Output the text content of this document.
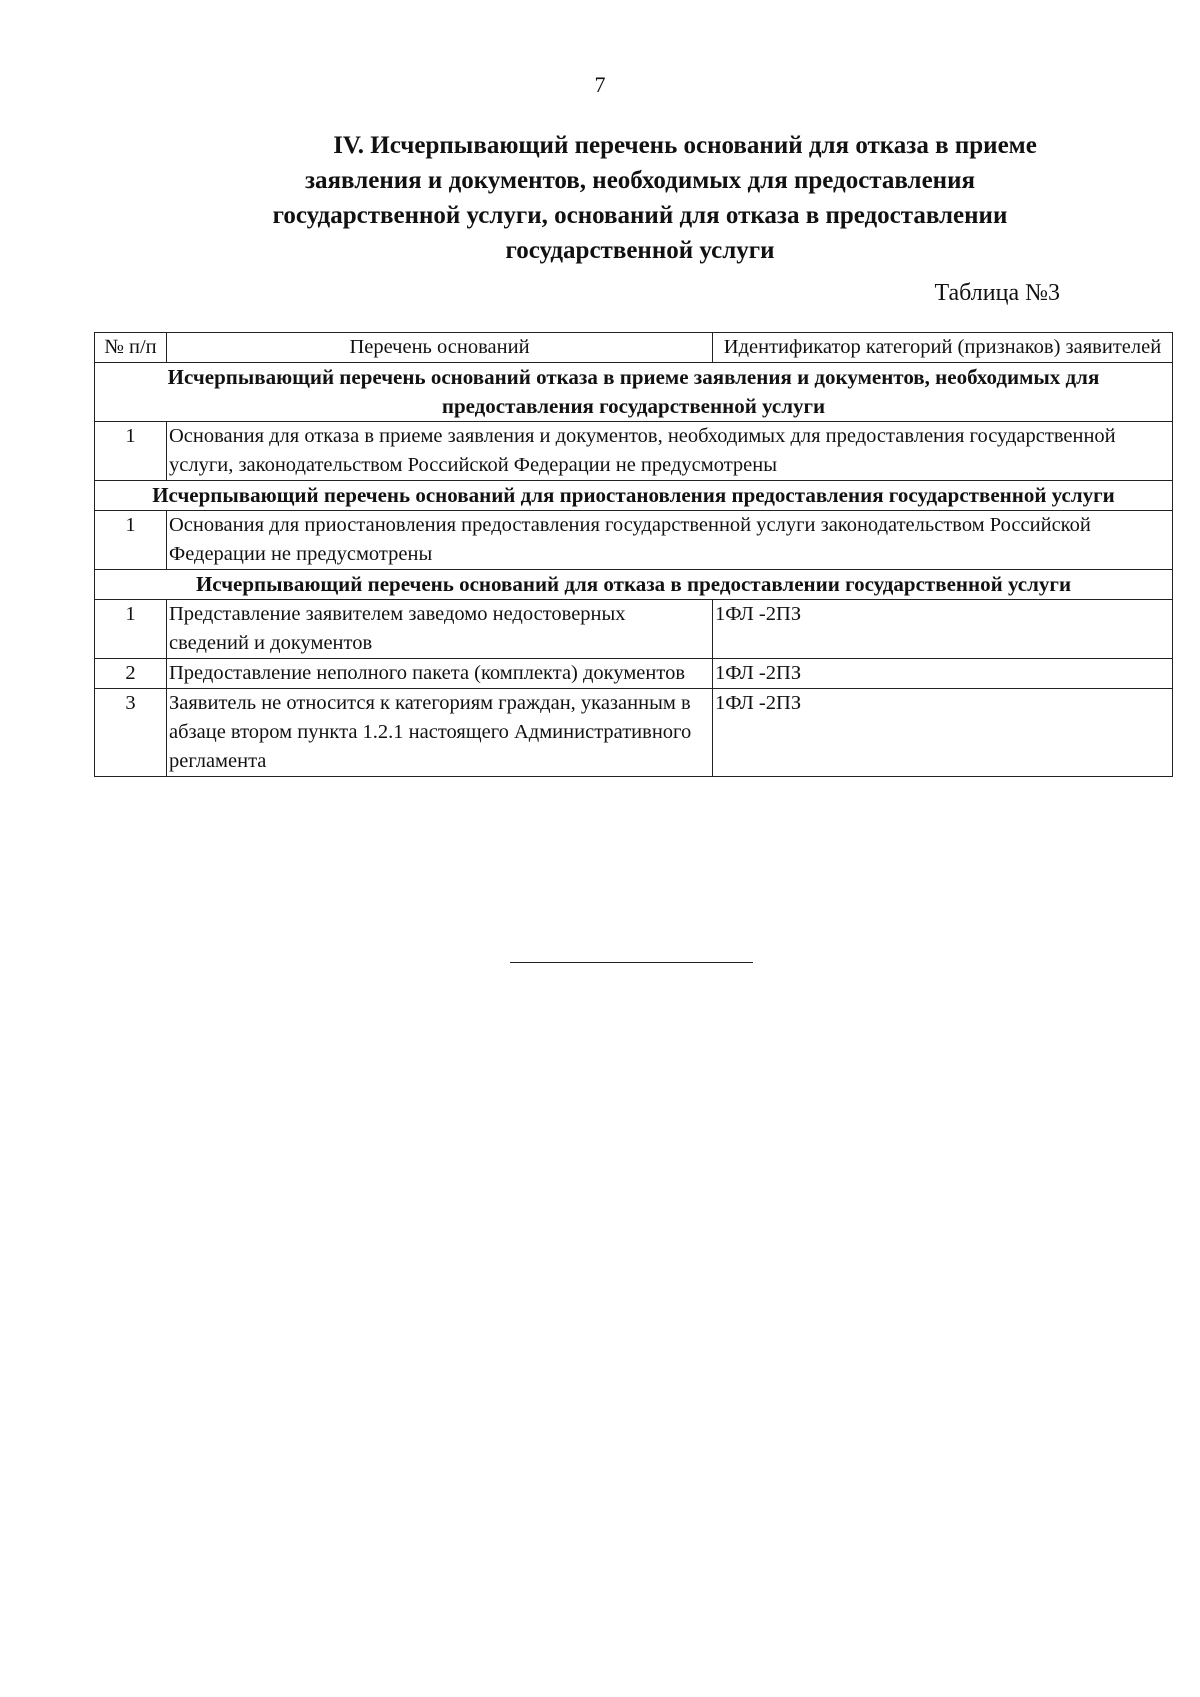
7
IV. Исчерпывающий перечень оснований для отказа в приеме
заявления и документов, необходимых для предоставления
государственной услуги, оснований для отказа в предоставлении
государственной услуги
Таблица №3
№ п/п	Перечень оснований	Идентификатор категорий (признаков) заявителей
Исчерпывающий перечень оснований отказа в приеме заявления и документов, необходимых для предоставления государственной услуги		
1	Основания для отказа в приеме заявления и документов, необходимых для предоставления государственной услуги, законодательством Российской Федерации не предусмотрены	
Исчерпывающий перечень оснований для приостановления предоставления государственной услуги		
1	Основания для приостановления предоставления государственной услуги законодательством Российской Федерации не предусмотрены	
Исчерпывающий перечень оснований для отказа в предоставлении государственной услуги		
1	Представление заявителем заведомо недостоверных сведений и документов	1ФЛ -2ПЗ
2	Предоставление неполного пакета (комплекта) документов	1ФЛ -2ПЗ
3	Заявитель не относится к категориям граждан, указанным в абзаце втором пункта 1.2.1 настоящего Административного регламента	1ФЛ -2ПЗ
